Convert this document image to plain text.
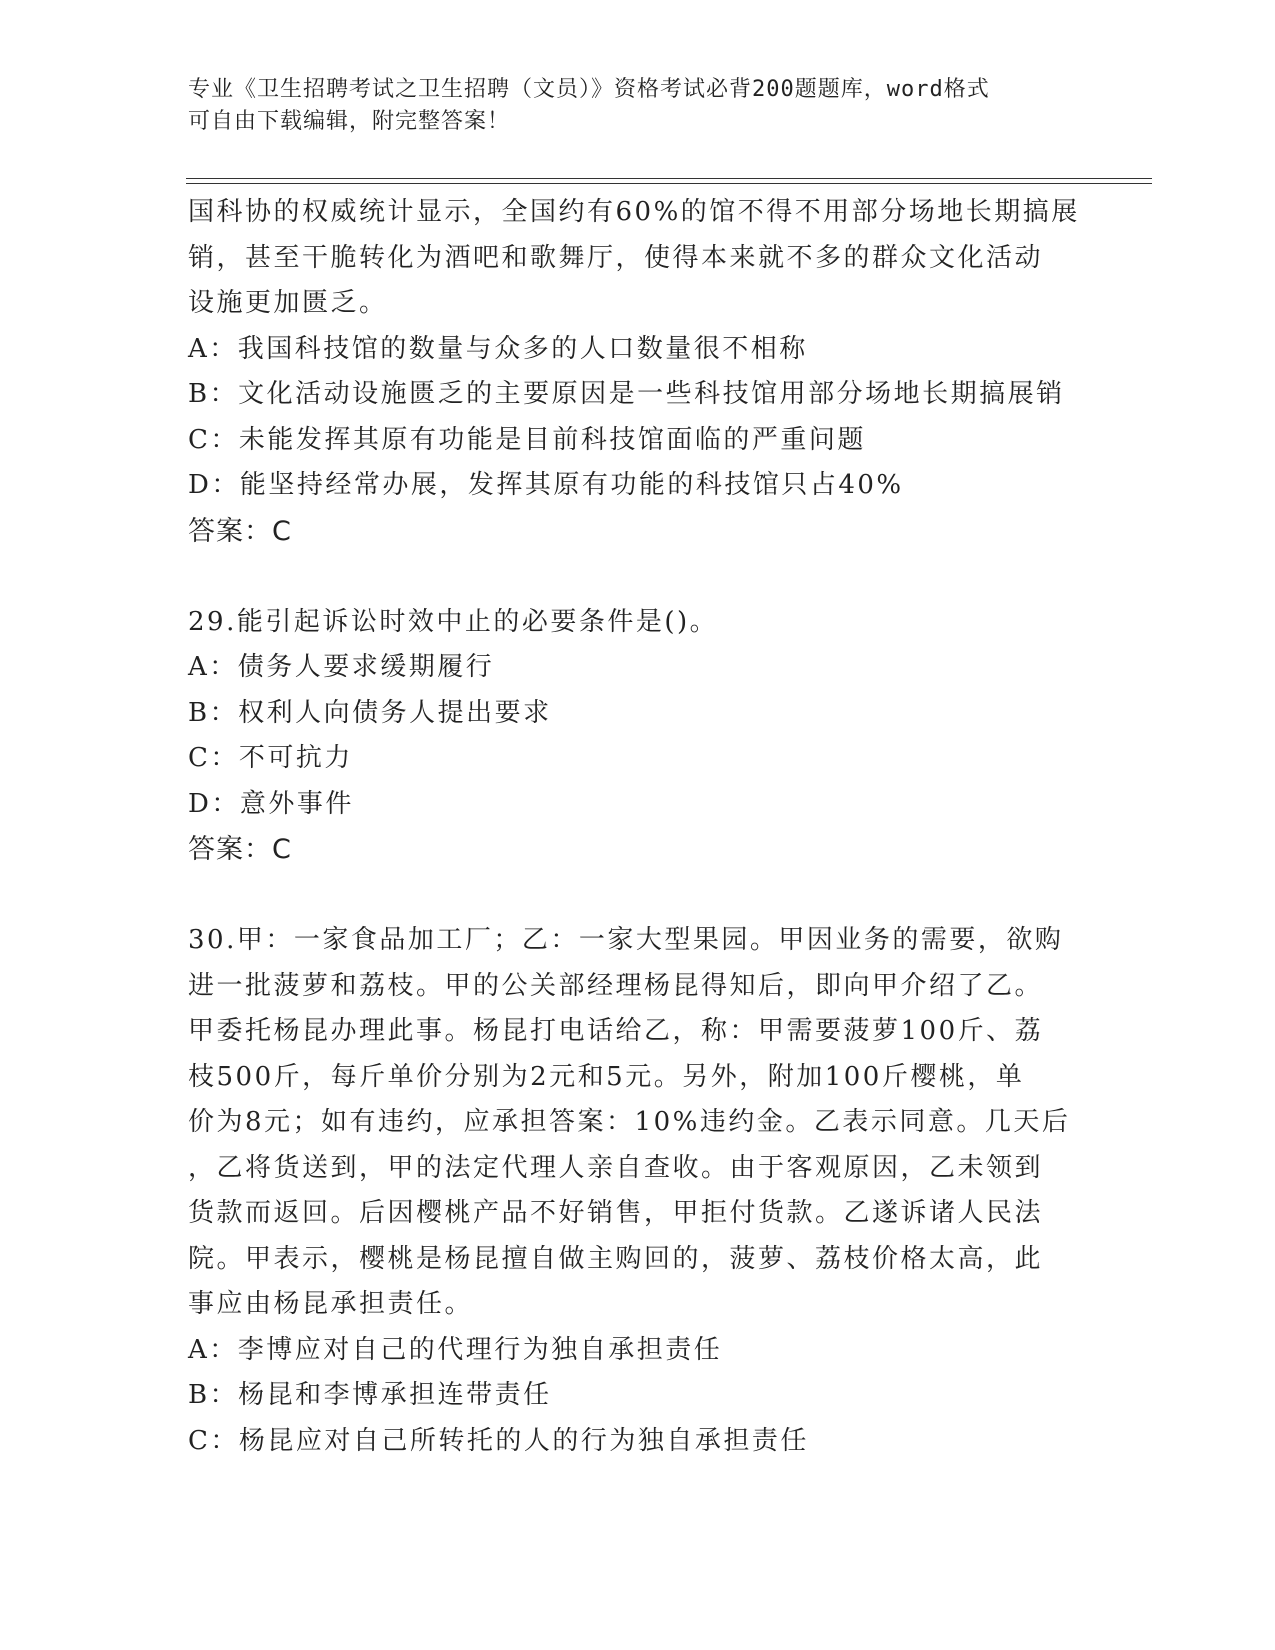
专业《卫生招聘考试之卫生招聘（文员）》资格考试必背200题题库，word格式
可自由下载编辑，附完整答案！
国科协的权威统计显示，全国约有60%的馆不得不用部分场地长期搞展
销，甚至干脆转化为酒吧和歌舞厅，使得本来就不多的群众文化活动
设施更加匮乏。
A：我国科技馆的数量与众多的人口数量很不相称
B：文化活动设施匮乏的主要原因是一些科技馆用部分场地长期搞展销
C：未能发挥其原有功能是目前科技馆面临的严重问题
D：能坚持经常办展，发挥其原有功能的科技馆只占40%
答案：C
29.能引起诉讼时效中止的必要条件是()。
A：债务人要求缓期履行
B：权利人向债务人提出要求
C：不可抗力
D：意外事件
答案：C
30.甲：一家食品加工厂；乙：一家大型果园。甲因业务的需要，欲购
进一批菠萝和荔枝。甲的公关部经理杨昆得知后，即向甲介绍了乙。
甲委托杨昆办理此事。杨昆打电话给乙，称：甲需要菠萝100斤、荔
枝500斤，每斤单价分别为2元和5元。另外，附加100斤樱桃，单
价为8元；如有违约，应承担答案：10%违约金。乙表示同意。几天后
，乙将货送到，甲的法定代理人亲自查收。由于客观原因，乙未领到
货款而返回。后因樱桃产品不好销售，甲拒付货款。乙遂诉诸人民法
院。甲表示，樱桃是杨昆擅自做主购回的，菠萝、荔枝价格太高，此
事应由杨昆承担责任。
A：李博应对自己的代理行为独自承担责任
B：杨昆和李博承担连带责任
C：杨昆应对自己所转托的人的行为独自承担责任
